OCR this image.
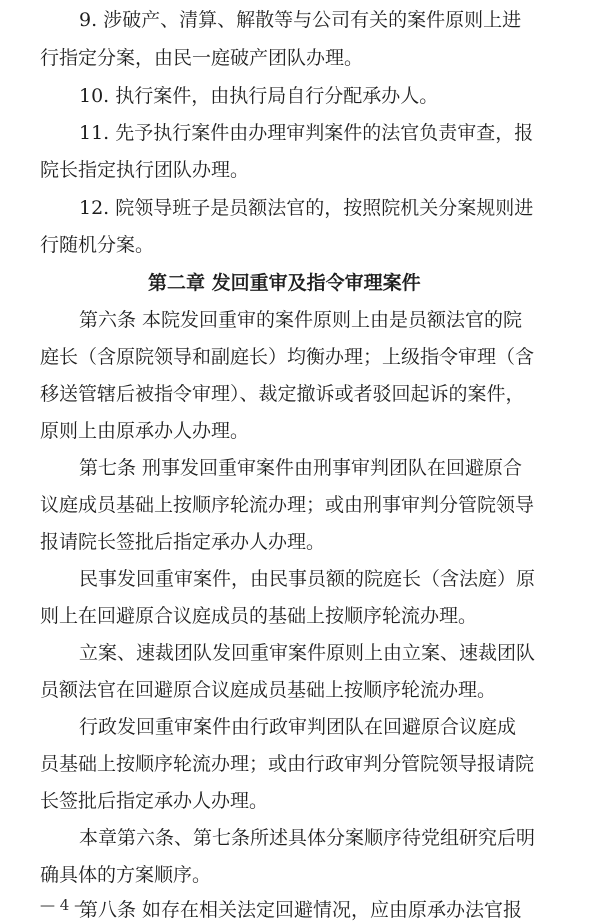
9. 涉破产、清算、解散等与公司有关的案件原则上进
行指定分案，由民一庭破产团队办理。
10. 执行案件，由执行局自行分配承办人。
11. 先予执行案件由办理审判案件的法官负责审查，报
院长指定执行团队办理。
12. 院领导班子是员额法官的，按照院机关分案规则进
行随机分案。
第二章 发回重审及指令审理案件
第六条 本院发回重审的案件原则上由是员额法官的院
庭长（含原院领导和副庭长）均衡办理；上级指令审理（含
移送管辖后被指令审理）、裁定撤诉或者驳回起诉的案件，
原则上由原承办人办理。
第七条 刑事发回重审案件由刑事审判团队在回避原合
议庭成员基础上按顺序轮流办理；或由刑事审判分管院领导
报请院长签批后指定承办人办理。
民事发回重审案件，由民事员额的院庭长（含法庭）原
则上在回避原合议庭成员的基础上按顺序轮流办理。
立案、速裁团队发回重审案件原则上由立案、速裁团队
员额法官在回避原合议庭成员基础上按顺序轮流办理。
行政发回重审案件由行政审判团队在回避原合议庭成
员基础上按顺序轮流办理；或由行政审判分管院领导报请院
长签批后指定承办人办理。
本章第六条、第七条所述具体分案顺序待党组研究后明
确具体的方案顺序。
第八条 如存在相关法定回避情况，应由原承办法官报
— 4 —
